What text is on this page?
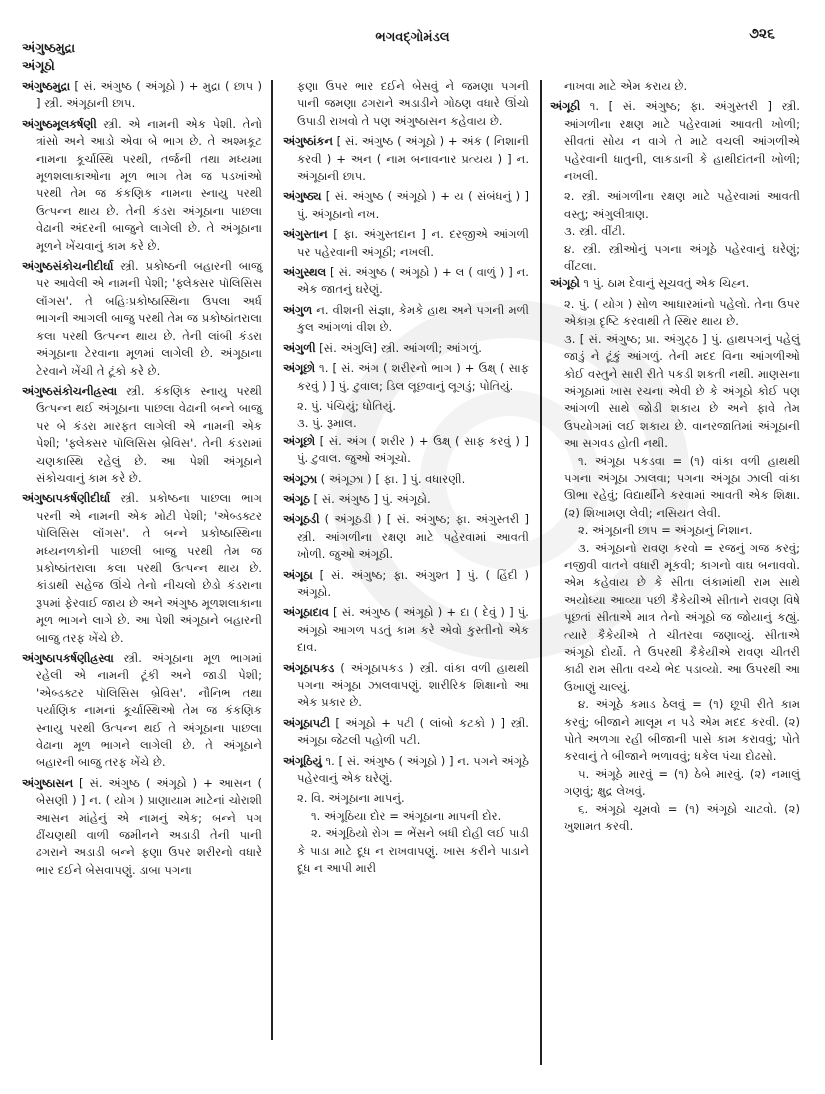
અંગુષ્ઠમુદ્રા
અંગૂઠો
ભગવદ્ગોમંડલ	૭૨૬
અંગુષ્ઠમુદ્રા [ સં. અંગુષ્ઠ ( અંગૂઠો ) + મુદ્રા ( છાપ ) ] સ્ત્રી. અંગૂઠાની છાપ.
અંગુષ્ઠમૂલકર્ષણી સ્ત્રી. એ નામની એક પેશી. તેનો ત્રાંસો અને આડો એવા બે ભાગ છે. તે અશ્મકૂટ નામના કૂર્ચાસ્થિ પરથી, તર્જની તથા મધ્યમા મૂળશલાકાઓના મૂળ ભાગ તેમ જ પડખાંઓ પરથી તેમ જ કંકણિક નામના સ્નાયુ પરથી ઉત્પન્ન થાય છે. તેની કંડરા અંગૂઠાના પાછલા વેઢાની અંદરની બાજુને લાગેલી છે. તે અંગૂઠાના મૂળને ખેંચવાનું કામ કરે છે.
અંગુષ્ઠસંકોચનીદીર્ઘા સ્ત્રી. પ્રકોષ્ઠની બહારની બાજુ પર આવેલી એ નામની પેશી; 'ફ્લેક્સર પૉલિસિસ લૉંગસ'. તે બહિઃપ્રકોષ્ઠાસ્થિના ઉપલા અર્ધ ભાગની આગલી બાજુ પરથી તેમ જ પ્રકોષ્ઠાંતરાલા કલા પરથી ઉત્પન્ન થાય છે. તેની લાંબી કંડરા અંગૂઠાના ટેરવાના મૂળમાં લાગેલી છે. અંગૂઠાના ટેરવાને ખેંચી તે ટૂંકો કરે છે.
અંગુષ્ઠસંકોચનીહ્રસ્વા સ્ત્રી. કંકણિક સ્નાયુ પરથી ઉત્પન્ન થઈ અંગૂઠાના પાછલા વેઢાની બન્ને બાજુ પર બે કંડરા મારફત લાગેલી એ નામની એક પેશી; 'ફ્લેક્સર પૉલિસિસ બ્રેવિસ'. તેની કંડરામાં ચણકાસ્થિ રહેલું છે. આ પેશી અંગૂઠાને સંકોચવાનું કામ કરે છે.
અંગુષ્ઠાપકર્ષણીદીર્ઘા સ્ત્રી. પ્રકોષ્ઠના પાછલા ભાગ પરની એ નામની એક મોટી પેશી; 'એબ્ડક્ટર પૉલિસિસ લૉંગસ'. તે બન્ને પ્રકોષ્ઠાસ્થિના મધ્યનળકોની પાછલી બાજુ પરથી તેમ જ પ્રકોષ્ઠાંતરાલા કલા પરથી ઉત્પન્ન થાય છે. કાંડાથી સહેજ ઊંચે તેનો નીચલો છેડો કંડરાના રૂપમાં ફેરવાઈ જાય છે અને અંગુષ્ઠ મૂળશલાકાના મૂળ ભાગને લાગે છે. આ પેશી અંગૂઠાને બહારની બાજુ તરફ ખેંચે છે.
અંગુષ્ઠાપકર્ષણીહ્રસ્વા સ્ત્રી. અંગૂઠાના મૂળ ભાગમાં રહેલી એ નામની ટૂંકી અને જાડી પેશી; 'એબ્ડક્ટર પૉલિસિસ બ્રેવિસ'. નૌનિભ તથા પર્યાણિક નામનાં કૂર્ચાસ્થિઓ તેમ જ કંકણિક સ્નાયુ પરથી ઉત્પન્ન થઈ તે અંગૂઠાના પાછલા વેઢાના મૂળ ભાગને લાગેલી છે. તે અંગૂઠાને બહારની બાજુ તરફ ખેંચે છે.
અંગુષ્ઠાસન [ સં. અંગુષ્ઠ ( અંગૂઠો ) + આસન ( બેસણી ) ] ન. ( યોગ ) પ્રાણાયામ માટેનાં ચોરાશી આસન માંહેનું એ નામનું એક; બન્ને પગ ઢીંચણથી વાળી જમીનને અડાડી તેની પાની ઢગરાને અડાડી બન્ને ફણા ઉપર શરીરનો વધારે ભાર દઈને બેસવાપણું. ડાબા પગના
ફણા ઉપર ભાર દઈને બેસવું ને જમણા પગની પાની જમણા ઢગરાને અડાડીને ગોઠણ વધારે ઊંચો ઉપાડી રાખવો તે પણ અંગુષ્ઠાસન કહેવાય છે.
અંગુષ્ઠાંકન [ સં. અંગુષ્ઠ ( અંગૂઠો ) + અંક ( નિશાની કરવી ) + અન ( નામ બનાવનાર પ્રત્યય ) ] ન. અંગૂઠાની છાપ.
અંગુષ્ઠ્ય [ સં. અંગુષ્ઠ ( અંગૂઠો ) + ય ( સંબંધનું ) ] પું. અંગૂઠાનો નખ.
અંગુસ્તાન [ ફા. અંગુસ્તદાન ] ન. દરજીએ આંગળી પર પહેરવાની અંગૂઠી; નખલી.
અંગુસ્થલ [ સં. અંગુષ્ઠ ( અંગૂઠો ) + લ ( વાળું ) ] ન. એક જાતનું ઘરેણું.
અંગુળ ન. વીશની સંજ્ઞા, કેમકે હાથ અને પગની મળી કુલ આંગળાં વીશ છે.
અંગુળી [સં. અંગુલિ] સ્ત્રી. આંગળી; આંગળું.
અંગૂછો ૧. [ સં. અંગ ( શરીરનો ભાગ ) + ઉક્ષ્ ( સાફ કરવું ) ] પું. ટુવાલ; ડિલ લૂછવાનું લૂગડું; પોતિયું.
૨. પું. પંચિયું; ધોતિયું.
૩. પું. રૂમાલ.
અંગૂછો [ સં. અંગ ( શરીર ) + ઉક્ષ્ ( સાફ કરવું ) ] પું. ટુવાલ. જુઓ અંગૂચો.
અંગૂઝા ( અંગૂઝા ) [ ફા. ] પું. વધારણી.
અંગૂઠ [ સં. અંગુષ્ઠ ] પું. અંગૂઠો.
અંગૂઠડી ( અંગૂઠડી ) [ સં. અંગુષ્ઠ; ફા. અંગુસ્તરી ] સ્ત્રી. આંગળીના રક્ષણ માટે પહેરવામાં આવતી ખોળી. જુઓ અંગૂઠી.
અંગૂઠા [ સં. અંગુષ્ઠ; ફા. અંગુશ્ત ] પું. ( હિંદી ) અંગૂઠો.
અંગૂઠાદાવ [ સં. અંગુષ્ઠ ( અંગૂઠો ) + દા ( દેવું ) ] પું. અંગૂઠો આગળ પડતું કામ કરે એવો કુસ્તીનો એક દાવ.
અંગૂઠાપકડ ( અંગૂઠાપકડ ) સ્ત્રી. વાંકા વળી હાથથી પગના અંગૂઠા ઝાલવાપણું. શારીરિક શિક્ષાનો આ એક પ્રકાર છે.
અંગૂઠાપટી [ અંગૂઠો + પટી ( લાંબો કટકો ) ] સ્ત્રી. અંગૂઠા જેટલી પહોળી પટી.
અંગૂઠિયું ૧. [ સં. અંગુષ્ઠ ( અંગૂઠો ) ] ન. પગને અંગૂઠે પહેરવાનું એક ઘરેણું.
૨. વિ. અંગૂઠાના માપનું.
૧. અંગૂઠિયા દોર = અંગૂઠાના માપની દોર.
૨. અંગૂઠિયો રોગ = ભેંસને બધી દોહી લઈ પાડી કે પાડા માટે દૂધ ન રાખવાપણું. ખાસ કરીને પાડાને દૂધ ન આપી મારી
નાખવા માટે એમ કરાય છે.
અંગૂઠી ૧. [ સં. અંગુષ્ઠ; ફા. અંગુસ્તરી ] સ્ત્રી. આંગળીના રક્ષણ માટે પહેરવામાં આવતી ખોળી; સીવતાં સોય ન વાગે તે માટે વચલી આંગળીએ પહેરવાની ધાતુની, લાકડાની કે હાથીદાંતની ખોળી; નખલી.
૨. સ્ત્રી. આંગળીના રક્ષણ માટે પહેરવામાં આવતી વસ્તુ; અંગુલીત્રાણ.
૩. સ્ત્રી. વીંટી.
૪. સ્ત્રી. સ્ત્રીઓનું પગના અંગૂઠે પહેરવાનું ઘરેણું; વીંટલા.
અંગૂઠો ૧ પું. ઠામ દેવાનું સૂચવતું એક ચિહ્ન.
૨. પું. ( યોગ ) સોળ આધારમાંનો પહેલો. તેના ઉપર એકાગ્ર દૃષ્ટિ કરવાથી તે સ્થિર થાય છે.
૩. [ સં. અંગુષ્ઠ; પ્રા. અંગુટ્ઠ ] પું. હાથપગનું પહેલું જાડું ને ટૂંકું આંગળું. તેની મદદ વિના આંગળીઓ કોઈ વસ્તુને સારી રીતે પકડી શકતી નથી. માણસના અંગૂઠામાં ખાસ રચના એવી છે કે અંગૂઠો કોઈ પણ આંગળી સાથે જોડી શકાય છે અને ફાવે તેમ ઉપયોગમાં લઈ શકાય છે. વાનરજાતિમાં અંગૂઠાની આ સગવડ હોતી નથી.
૧. અંગૂઠા પકડવા = (૧) વાંકા વળી હાથથી પગના અંગૂઠા ઝાલવા; પગના અંગૂઠા ઝાલી વાંકા ઊભા રહેવું; વિદ્યાર્થીને કરવામાં આવતી એક શિક્ષા. (૨) શિખામણ લેવી; નસિયત લેવી.
૨. અંગૂઠાની છાપ = અંગૂઠાનું નિશાન.
૩. અંગૂઠાનો રાવણ કરવો = રજનું ગજ કરવું; નજીવી વાતને વધારી મૂકવી; કાગનો વાઘ બનાવવો. એમ કહેવાય છે કે સીતા લંકામાંથી રામ સાથે અયોધ્યા આવ્યા પછી કૈકેયીએ સીતાને રાવણ વિષે પૂછતાં સીતાએ માત્ર તેનો અંગૂઠો જ જોયાનું કહ્યું. ત્યારે કૈકેયીએ તે ચીતરવા જણાવ્યું. સીતાએ અંગૂઠો દોર્યો. તે ઉપરથી કૈકેયીએ રાવણ ચીતરી કાઢી રામ સીતા વચ્ચે ભેદ પડાવ્યો. આ ઉપરથી આ ઉખાણું ચાલ્યું.
૪. અંગૂઠે કમાડ ઠેલવું = (૧) છૂપી રીતે કામ કરવું; બીજાને માલૂમ ન પડે એમ મદદ કરવી. (૨) પોતે અળગા રહી બીજાની પાસે કામ કરાવવું; પોતે કરવાનું તે બીજાને ભળાવવું; ધકેલ પંચા દોઢસો.
૫. અંગૂઠે મારવું = (૧) ઠેબે મારવું. (૨) નમાલું ગણવું; ક્ષુદ્ર લેખવું.
૬. અંગૂઠો ચૂમવો = (૧) અંગૂઠો ચાટવો. (૨) ખુશામત કરવી.
